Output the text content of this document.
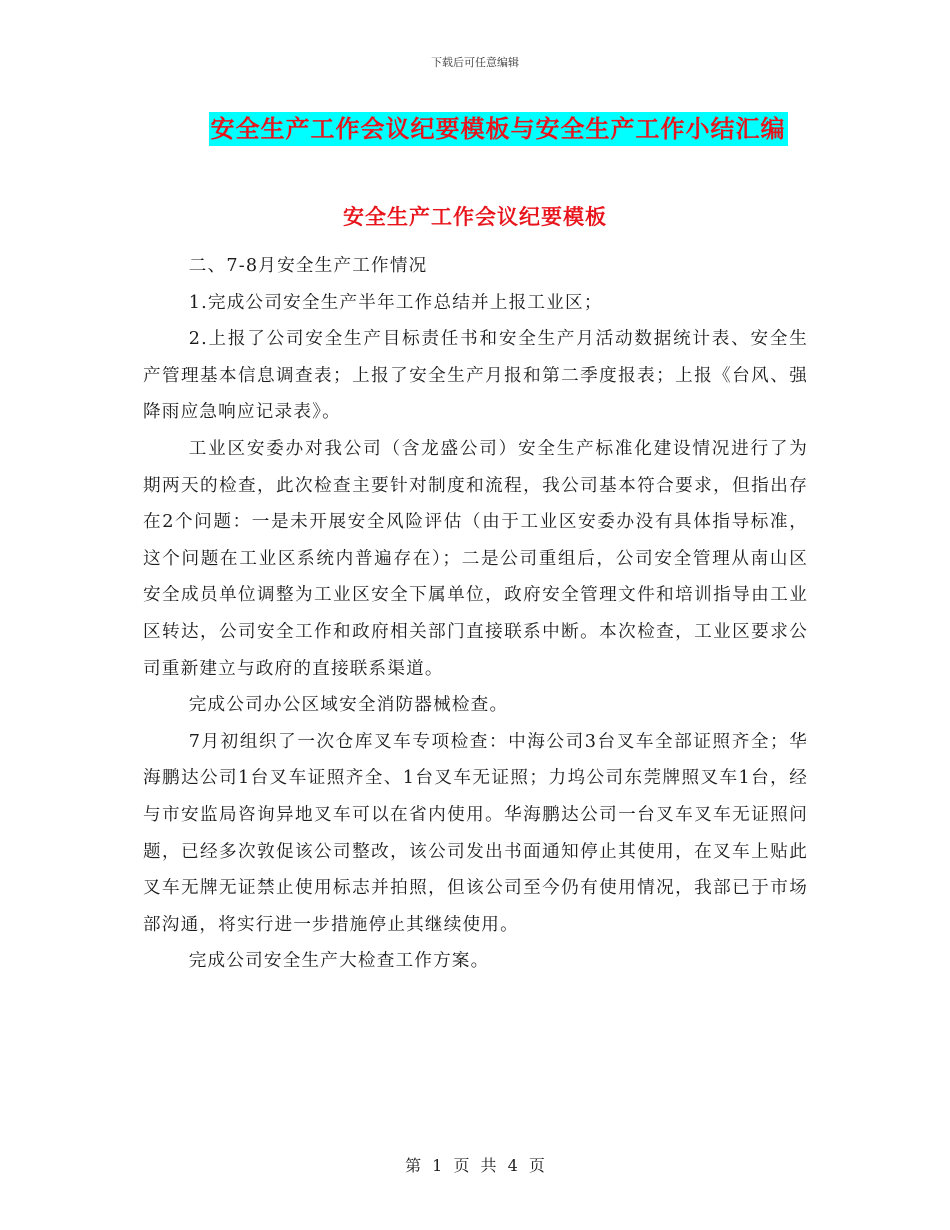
下载后可任意编辑
安全生产工作会议纪要模板与安全生产工作小结汇编
安全生产工作会议纪要模板

二、7-8月安全生产工作情况

1.完成公司安全生产半年工作总结并上报工业区；

2.上报了公司安全生产目标责任书和安全生产月活动数据统计表、安全生产管理基本信息调查表；上报了安全生产月报和第二季度报表；上报《台风、强降雨应急响应记录表》。

工业区安委办对我公司（含龙盛公司）安全生产标准化建设情况进行了为期两天的检查，此次检查主要针对制度和流程，我公司基本符合要求，但指出存在2个问题：一是未开展安全风险评估（由于工业区安委办没有具体指导标准，这个问题在工业区系统内普遍存在）；二是公司重组后，公司安全管理从南山区安全成员单位调整为工业区安全下属单位，政府安全管理文件和培训指导由工业区转达，公司安全工作和政府相关部门直接联系中断。本次检查，工业区要求公司重新建立与政府的直接联系渠道。

完成公司办公区域安全消防器械检查。

7月初组织了一次仓库叉车专项检查：中海公司3台叉车全部证照齐全；华海鹏达公司1台叉车证照齐全、1台叉车无证照；力坞公司东莞牌照叉车1台，经与市安监局咨询异地叉车可以在省内使用。华海鹏达公司一台叉车叉车无证照问题，已经多次敦促该公司整改，该公司发出书面通知停止其使用，在叉车上贴此叉车无牌无证禁止使用标志并拍照，但该公司至今仍有使用情况，我部已于市场部沟通，将实行进一步措施停止其继续使用。

完成公司安全生产大检查工作方案。

第 1 页 共 4 页
